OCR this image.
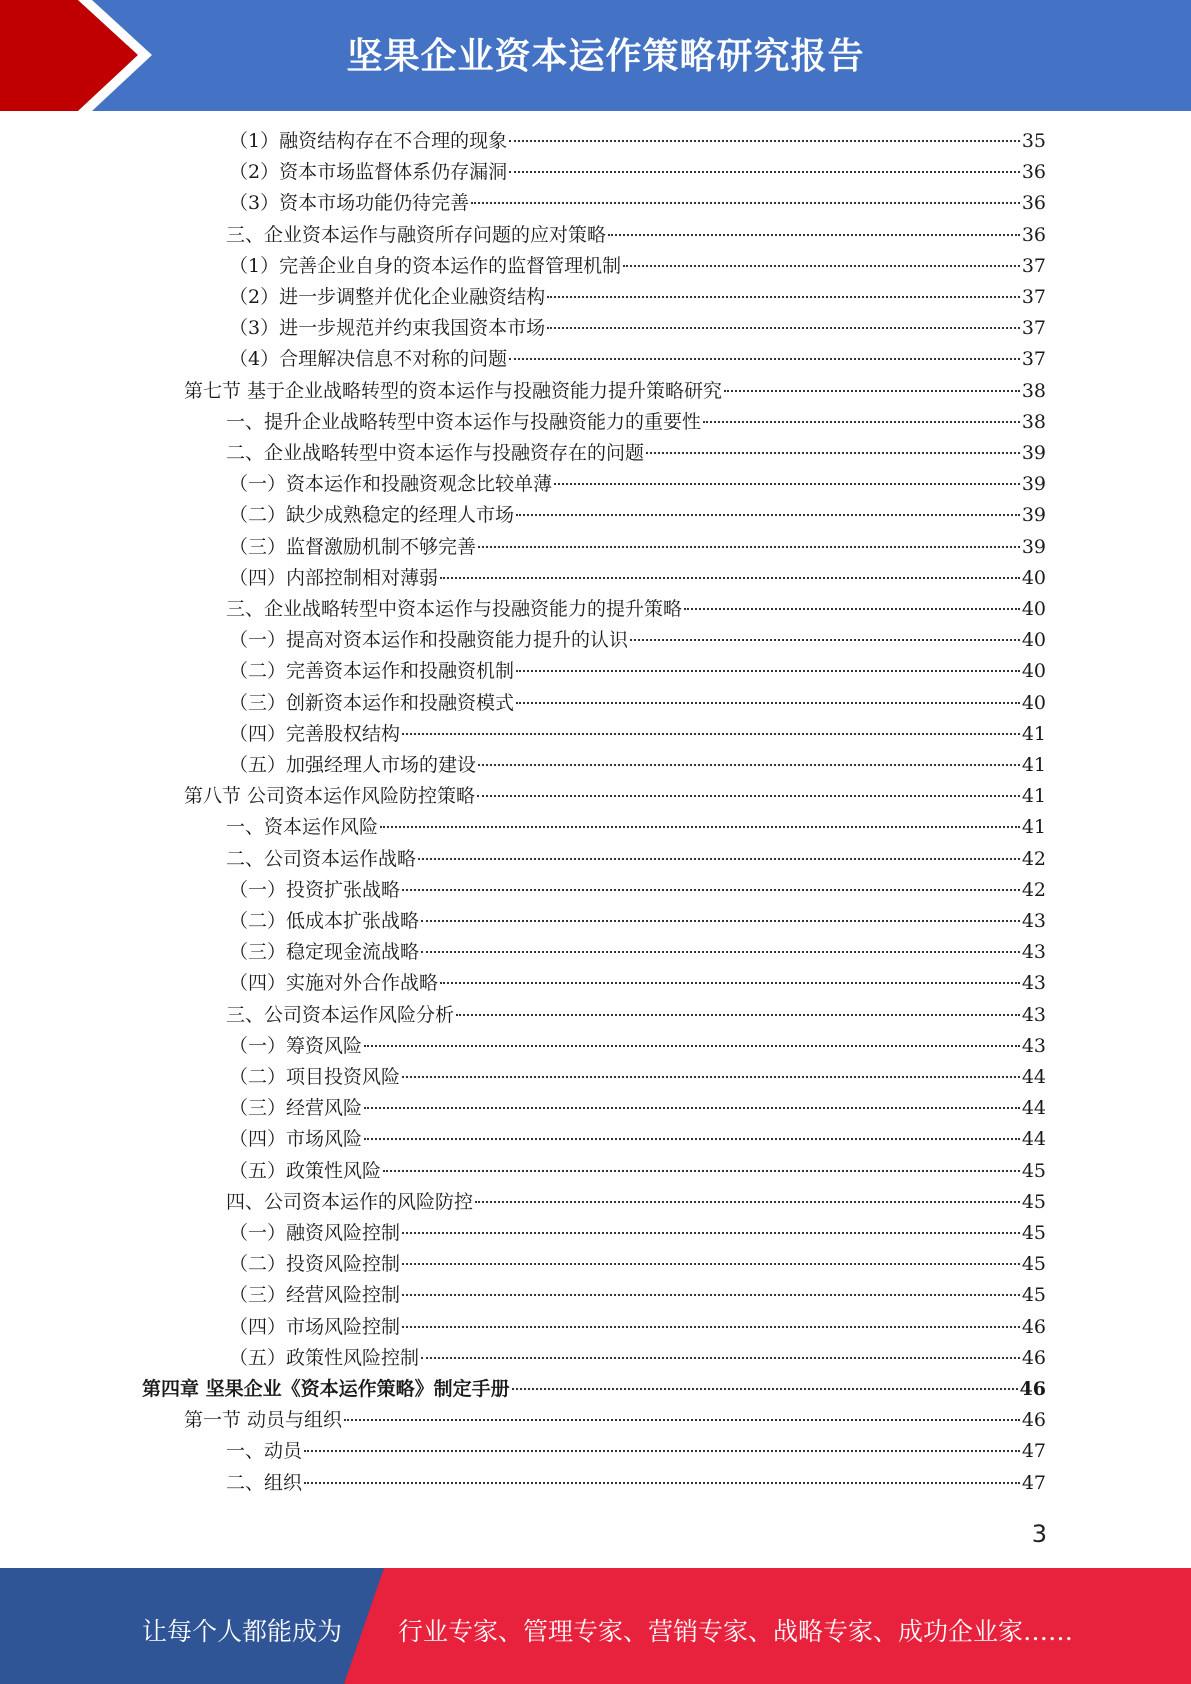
坚果企业资本运作策略研究报告
（1）融资结构存在不合理的现象	35
（2）资本市场监督体系仍存漏洞	36
（3）资本市场功能仍待完善	36
三、企业资本运作与融资所存问题的应对策略	36
（1）完善企业自身的资本运作的监督管理机制	37
（2）进一步调整并优化企业融资结构	37
（3）进一步规范并约束我国资本市场	37
（4）合理解决信息不对称的问题	37
第七节 基于企业战略转型的资本运作与投融资能力提升策略研究	38
一、提升企业战略转型中资本运作与投融资能力的重要性	38
二、企业战略转型中资本运作与投融资存在的问题	39
（一）资本运作和投融资观念比较单薄	39
（二）缺少成熟稳定的经理人市场	39
（三）监督激励机制不够完善	39
（四）内部控制相对薄弱	40
三、企业战略转型中资本运作与投融资能力的提升策略	40
（一）提高对资本运作和投融资能力提升的认识	40
（二）完善资本运作和投融资机制	40
（三）创新资本运作和投融资模式	40
（四）完善股权结构	41
（五）加强经理人市场的建设	41
第八节 公司资本运作风险防控策略	41
一、资本运作风险	41
二、公司资本运作战略	42
（一）投资扩张战略	42
（二）低成本扩张战略	43
（三）稳定现金流战略	43
（四）实施对外合作战略	43
三、公司资本运作风险分析	43
（一）筹资风险	43
（二）项目投资风险	44
（三）经营风险	44
（四）市场风险	44
（五）政策性风险	45
四、公司资本运作的风险防控	45
（一）融资风险控制	45
（二）投资风险控制	45
（三）经营风险控制	45
（四）市场风险控制	46
（五）政策性风险控制	46
第四章 坚果企业《资本运作策略》制定手册	46
第一节 动员与组织	46
一、动员	47
二、组织	47
3
让每个人都能成为 行业专家、管理专家、营销专家、战略专家、成功企业家……
